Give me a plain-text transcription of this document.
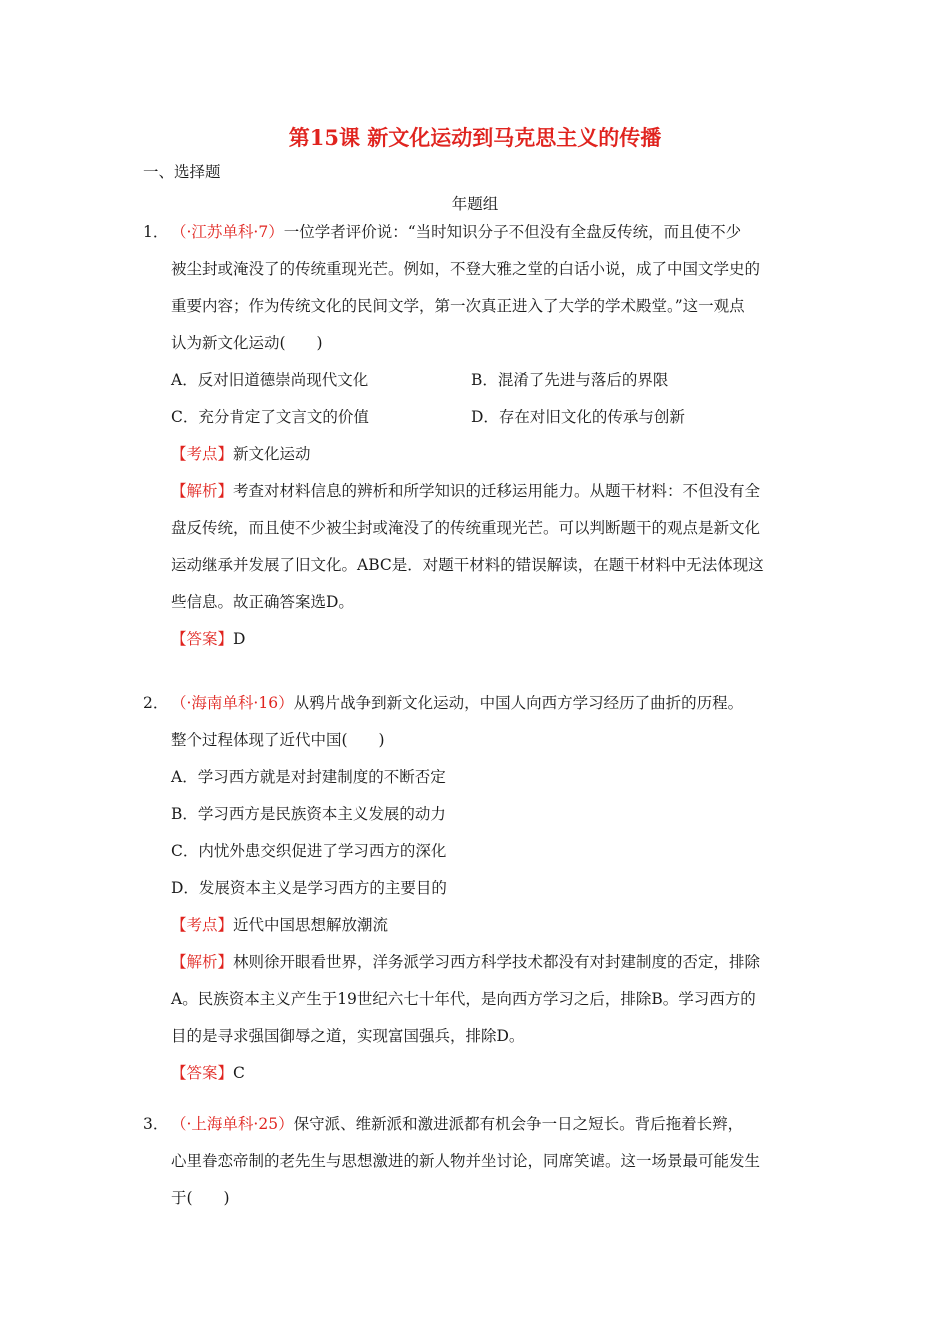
第15课 新文化运动到马克思主义的传播
一、选择题
年题组
1． （·江苏单科·7）一位学者评价说：“当时知识分子不但没有全盘反传统，而且使不少
被尘封或淹没了的传统重现光芒。例如，不登大雅之堂的白话小说，成了中国文学史的
重要内容；作为传统文化的民间文学，第一次真正进入了大学的学术殿堂。”这一观点
认为新文化运动(　　)
A．反对旧道德崇尚现代文化	B．混淆了先进与落后的界限
C．充分肯定了文言文的价值	D．存在对旧文化的传承与创新
【考点】新文化运动
【解析】考查对材料信息的辨析和所学知识的迁移运用能力。从题干材料：不但没有全
盘反传统，而且使不少被尘封或淹没了的传统重现光芒。可以判断题干的观点是新文化
运动继承并发展了旧文化。ABC是．对题干材料的错误解读，在题干材料中无法体现这
些信息。故正确答案选D。
【答案】D
2． （·海南单科·16）从鸦片战争到新文化运动，中国人向西方学习经历了曲折的历程。
整个过程体现了近代中国(　　)
A．学习西方就是对封建制度的不断否定
B．学习西方是民族资本主义发展的动力
C．内忧外患交织促进了学习西方的深化
D．发展资本主义是学习西方的主要目的
【考点】近代中国思想解放潮流
【解析】林则徐开眼看世界，洋务派学习西方科学技术都没有对封建制度的否定，排除
A。民族资本主义产生于19世纪六七十年代，是向西方学习之后，排除B。学习西方的
目的是寻求强国御辱之道，实现富国强兵，排除D。
【答案】C
3． （·上海单科·25）保守派、维新派和激进派都有机会争一日之短长。背后拖着长辫，
心里眷恋帝制的老先生与思想激进的新人物并坐讨论，同席笑谑。这一场景最可能发生
于(　　)
